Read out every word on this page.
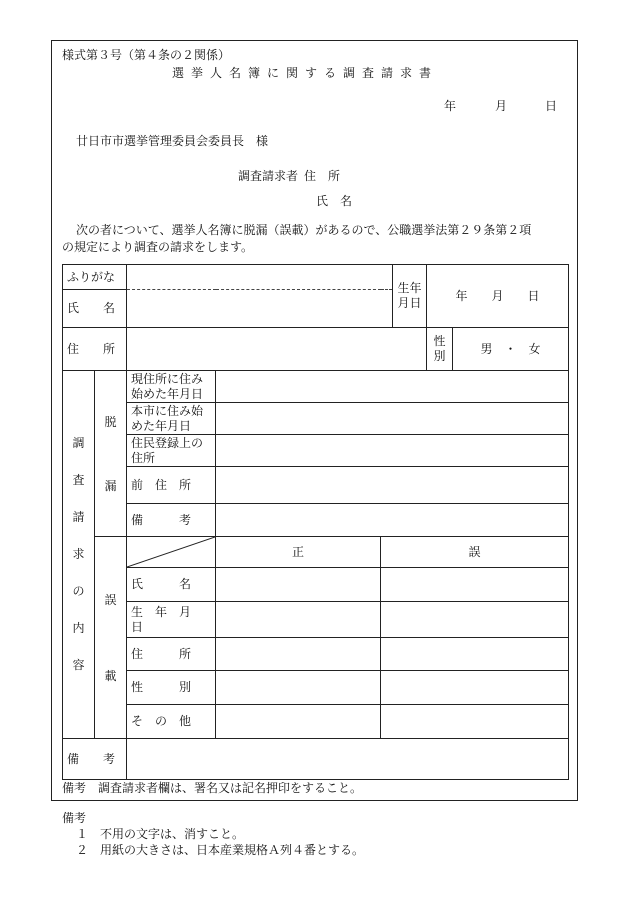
様式第３号（第４条の２関係）
選挙人名簿に関する調査請求書
年	月	日
廿日市市選挙管理委員会委員長　様
調査請求者 住　所
氏　名
次の者について、選挙人名簿に脱漏（誤載）があるので、公職選挙法第２９条第２項
の規定により調査の請求をします。
ふりがな					生年月日	年　　月　　日	
氏　　名							
住　　所						性別	男　・　女

調査請求の内容	脱漏	現住所に住み始めた年月日					
		本市に住み始めた年月日					
		住民登録上の住所					
		前　住　所					
		備　　　考					

	誤載		正	誤			
		氏　　　名					
		生　年　月　日					
		住　　　所					
		性　　　別					
		そ　の　他					
備　　考							
備考　調査請求者欄は、署名又は記名押印をすること。
備考
１　不用の文字は、消すこと。
２　用紙の大きさは、日本産業規格Ａ列４番とする。
